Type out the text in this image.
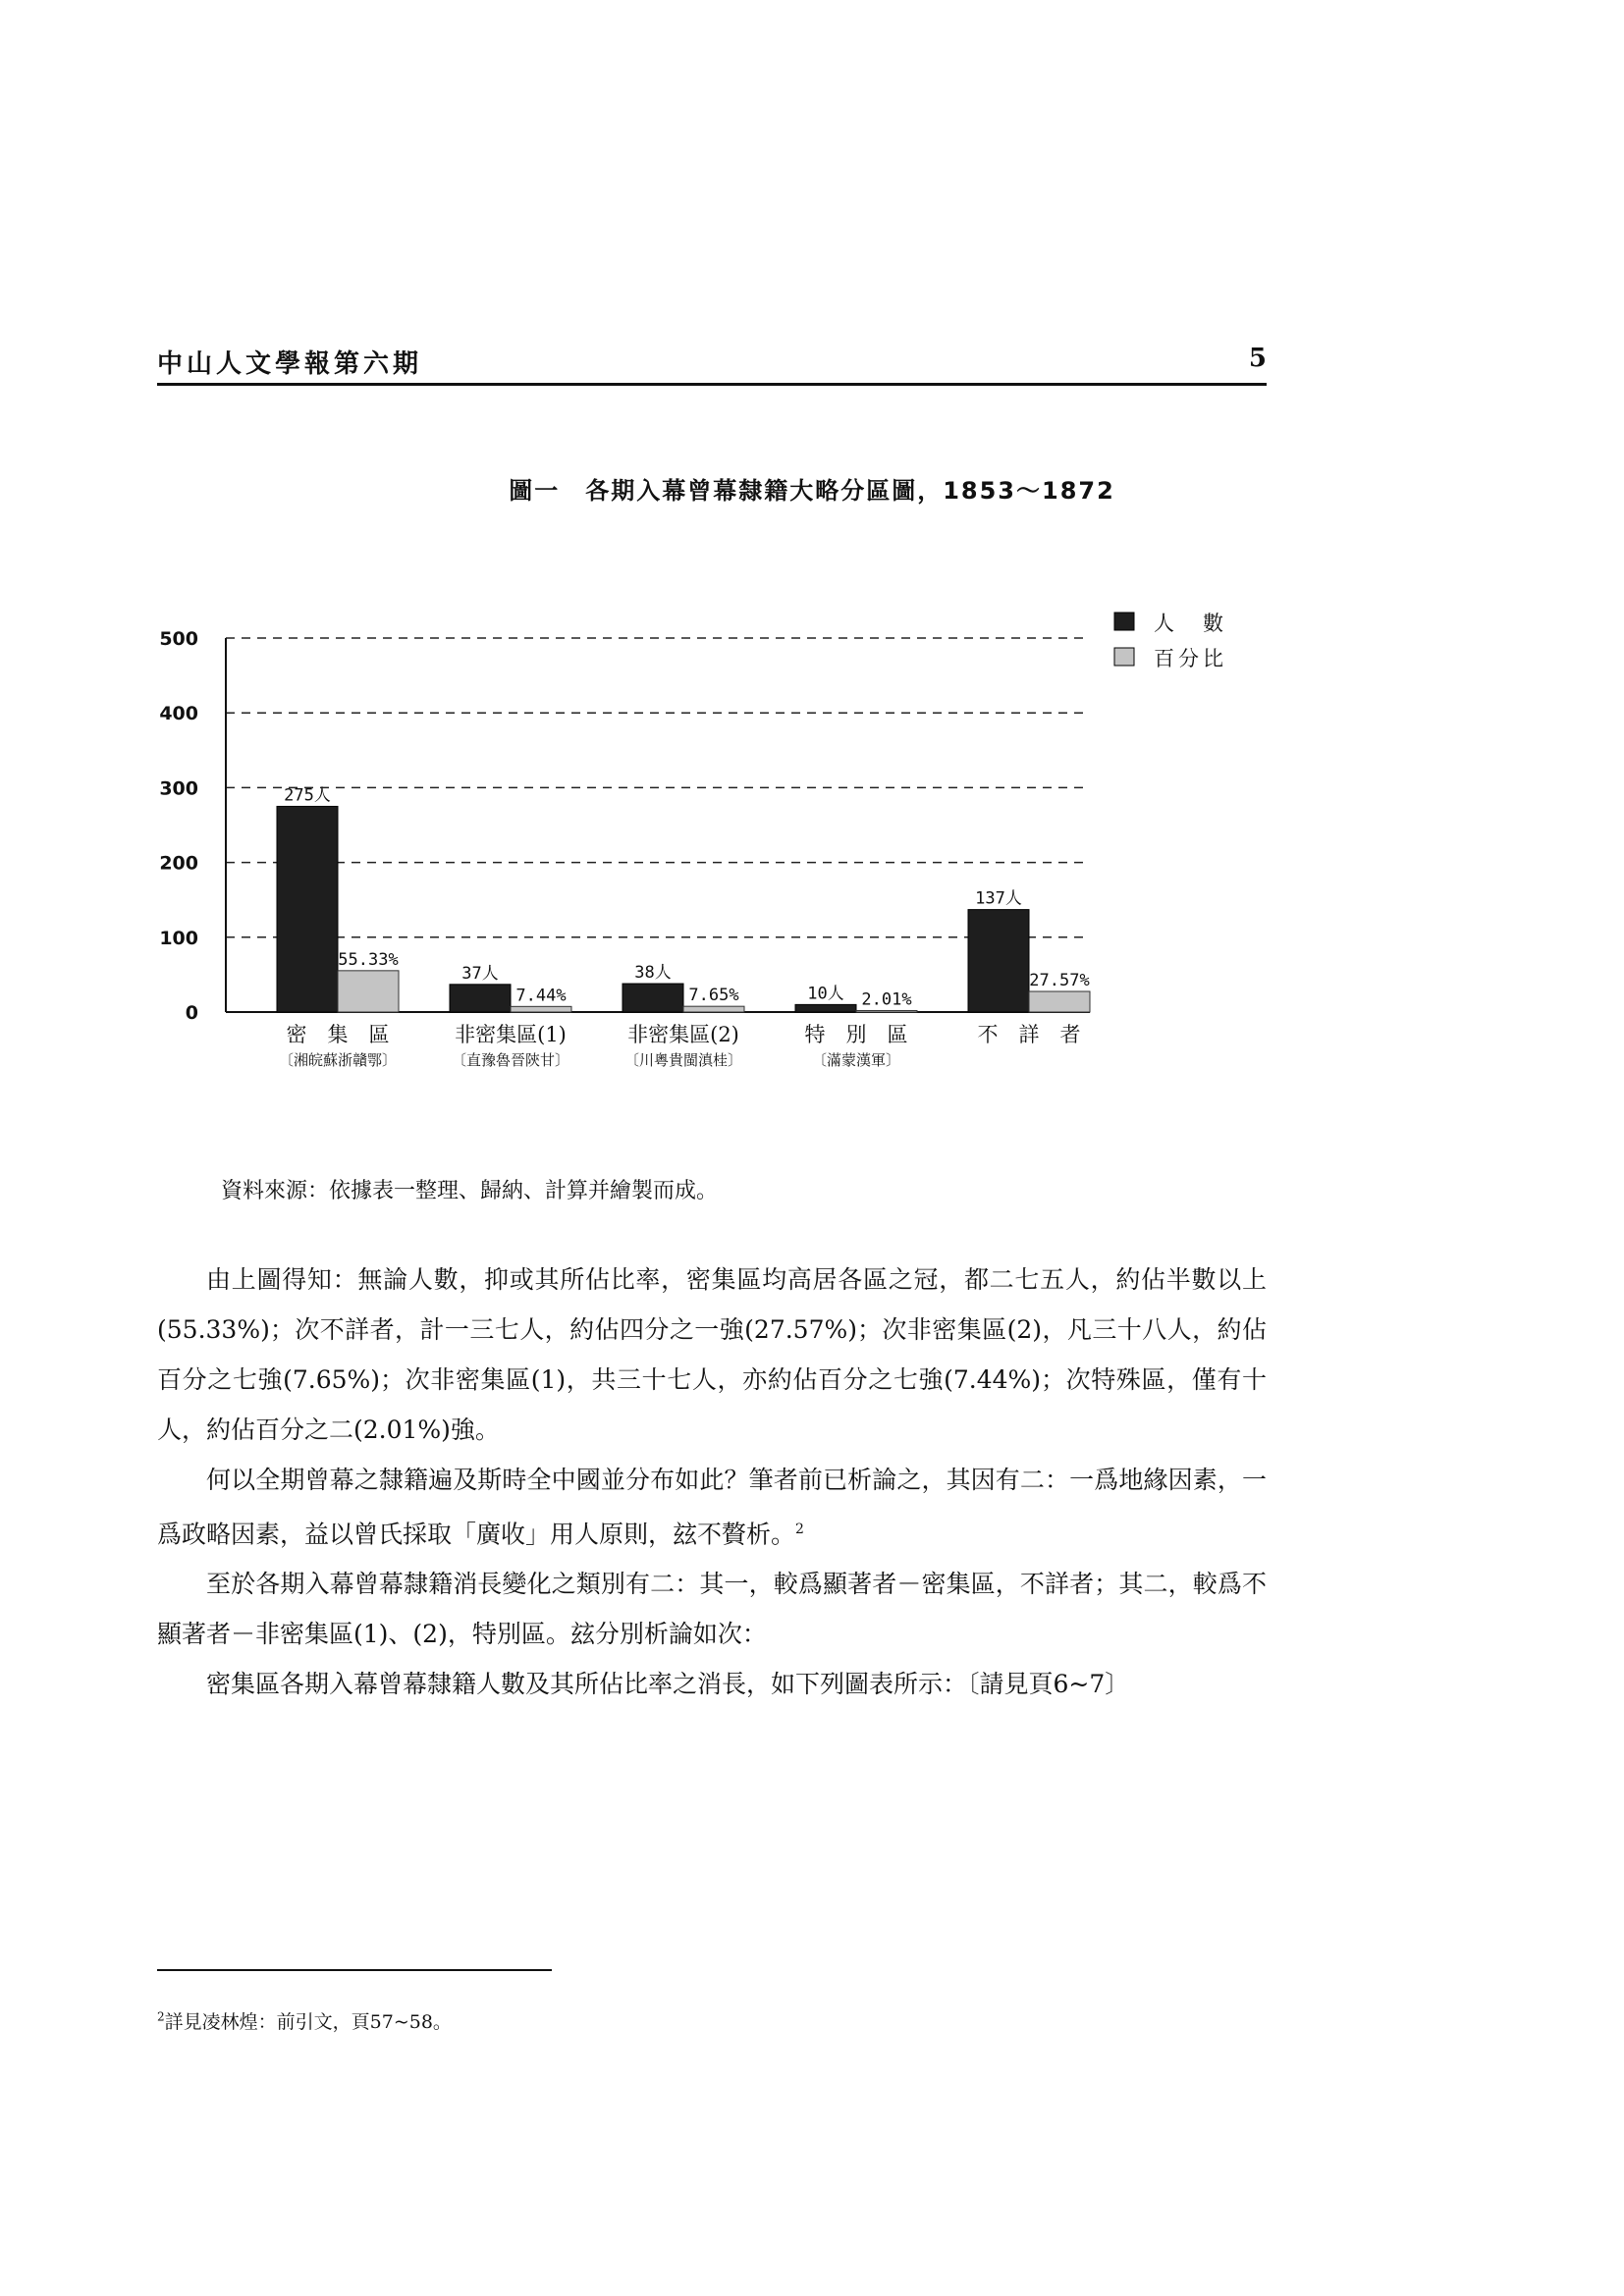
中山人文學報第六期	5
圖一　各期入幕曾幕隸籍大略分區圖，1853～1872
0
100
200
300
400
500
275人
55.33%
密　集　區
〔湘皖蘇浙贛鄂〕
37人
7.44%
非密集區(1)
〔直豫魯晉陝甘〕
38人
7.65%
非密集區(2)
〔川粵貴閩滇桂〕
10人 2.01%
特　別　區
〔滿蒙漢軍〕
137人
27.57%
不　詳　者
人　數
百分比
資料來源：依據表一整理、歸納、計算并繪製而成。

由上圖得知：無論人數，抑或其所佔比率，密集區均高居各區之冠，都二七五人，約佔半數以上(55.33%)；次不詳者，計一三七人，約佔四分之一強(27.57%)；次非密集區(2)，凡三十八人，約佔百分之七強(7.65%)；次非密集區(1)，共三十七人，亦約佔百分之七強(7.44%)；次特殊區，僅有十人，約佔百分之二(2.01%)強。

何以全期曾幕之隸籍遍及斯時全中國並分布如此？筆者前已析論之，其因有二：一爲地緣因素，一爲政略因素，益以曾氏採取「廣收」用人原則，玆不贅析。$^2$

至於各期入幕曾幕隸籍消長變化之類別有二：其一，較爲顯著者－密集區，不詳者；其二，較爲不顯著者－非密集區(1)、(2)，特別區。玆分別析論如次：

密集區各期入幕曾幕隸籍人數及其所佔比率之消長，如下列圖表所示：〔請見頁6~7〕

$^2$詳見凌林煌：前引文，頁57~58。
